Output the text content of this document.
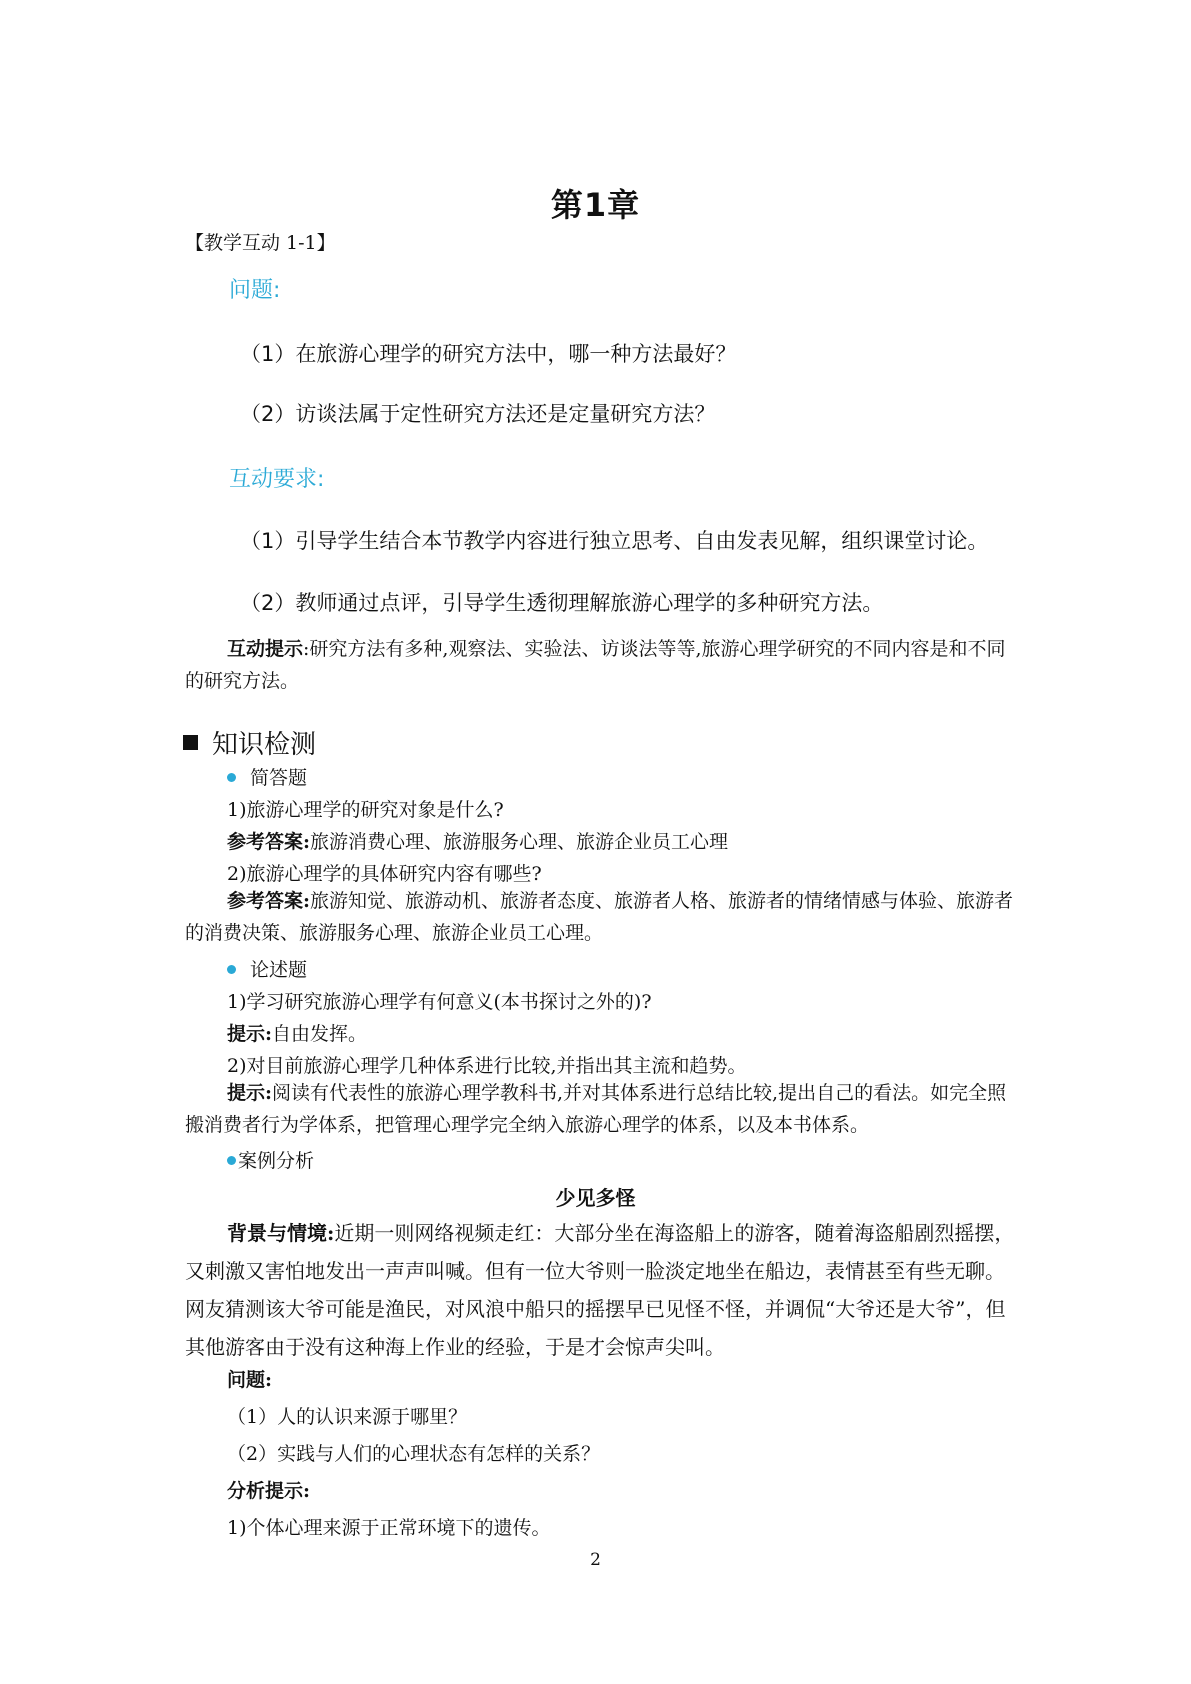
第1章
【教学互动 1-1】
问题:
（1）在旅游心理学的研究方法中，哪一种方法最好？
（2）访谈法属于定性研究方法还是定量研究方法？
互动要求:
（1）引导学生结合本节教学内容进行独立思考、自由发表见解，组织课堂讨论。
（2）教师通过点评，引导学生透彻理解旅游心理学的多种研究方法。
互动提示:研究方法有多种,观察法、实验法、访谈法等等,旅游心理学研究的不同内容是和不同的研究方法。
知识检测
简答题
1)旅游心理学的研究对象是什么?
参考答案:旅游消费心理、旅游服务心理、旅游企业员工心理
2)旅游心理学的具体研究内容有哪些?
参考答案:旅游知觉、旅游动机、旅游者态度、旅游者人格、旅游者的情绪情感与体验、旅游者的消费决策、旅游服务心理、旅游企业员工心理。
论述题
1)学习研究旅游心理学有何意义(本书探讨之外的)?
提示:自由发挥。
2)对目前旅游心理学几种体系进行比较,并指出其主流和趋势。
提示:阅读有代表性的旅游心理学教科书,并对其体系进行总结比较,提出自己的看法。如完全照搬消费者行为学体系，把管理心理学完全纳入旅游心理学的体系，以及本书体系。
案例分析
少见多怪
背景与情境:近期一则网络视频走红：大部分坐在海盗船上的游客，随着海盗船剧烈摇摆，又刺激又害怕地发出一声声叫喊。但有一位大爷则一脸淡定地坐在船边，表情甚至有些无聊。网友猜测该大爷可能是渔民，对风浪中船只的摇摆早已见怪不怪，并调侃“大爷还是大爷”，但其他游客由于没有这种海上作业的经验，于是才会惊声尖叫。
问题:
（1）人的认识来源于哪里？
（2）实践与人们的心理状态有怎样的关系？
分析提示:
1)个体心理来源于正常环境下的遗传。
2
